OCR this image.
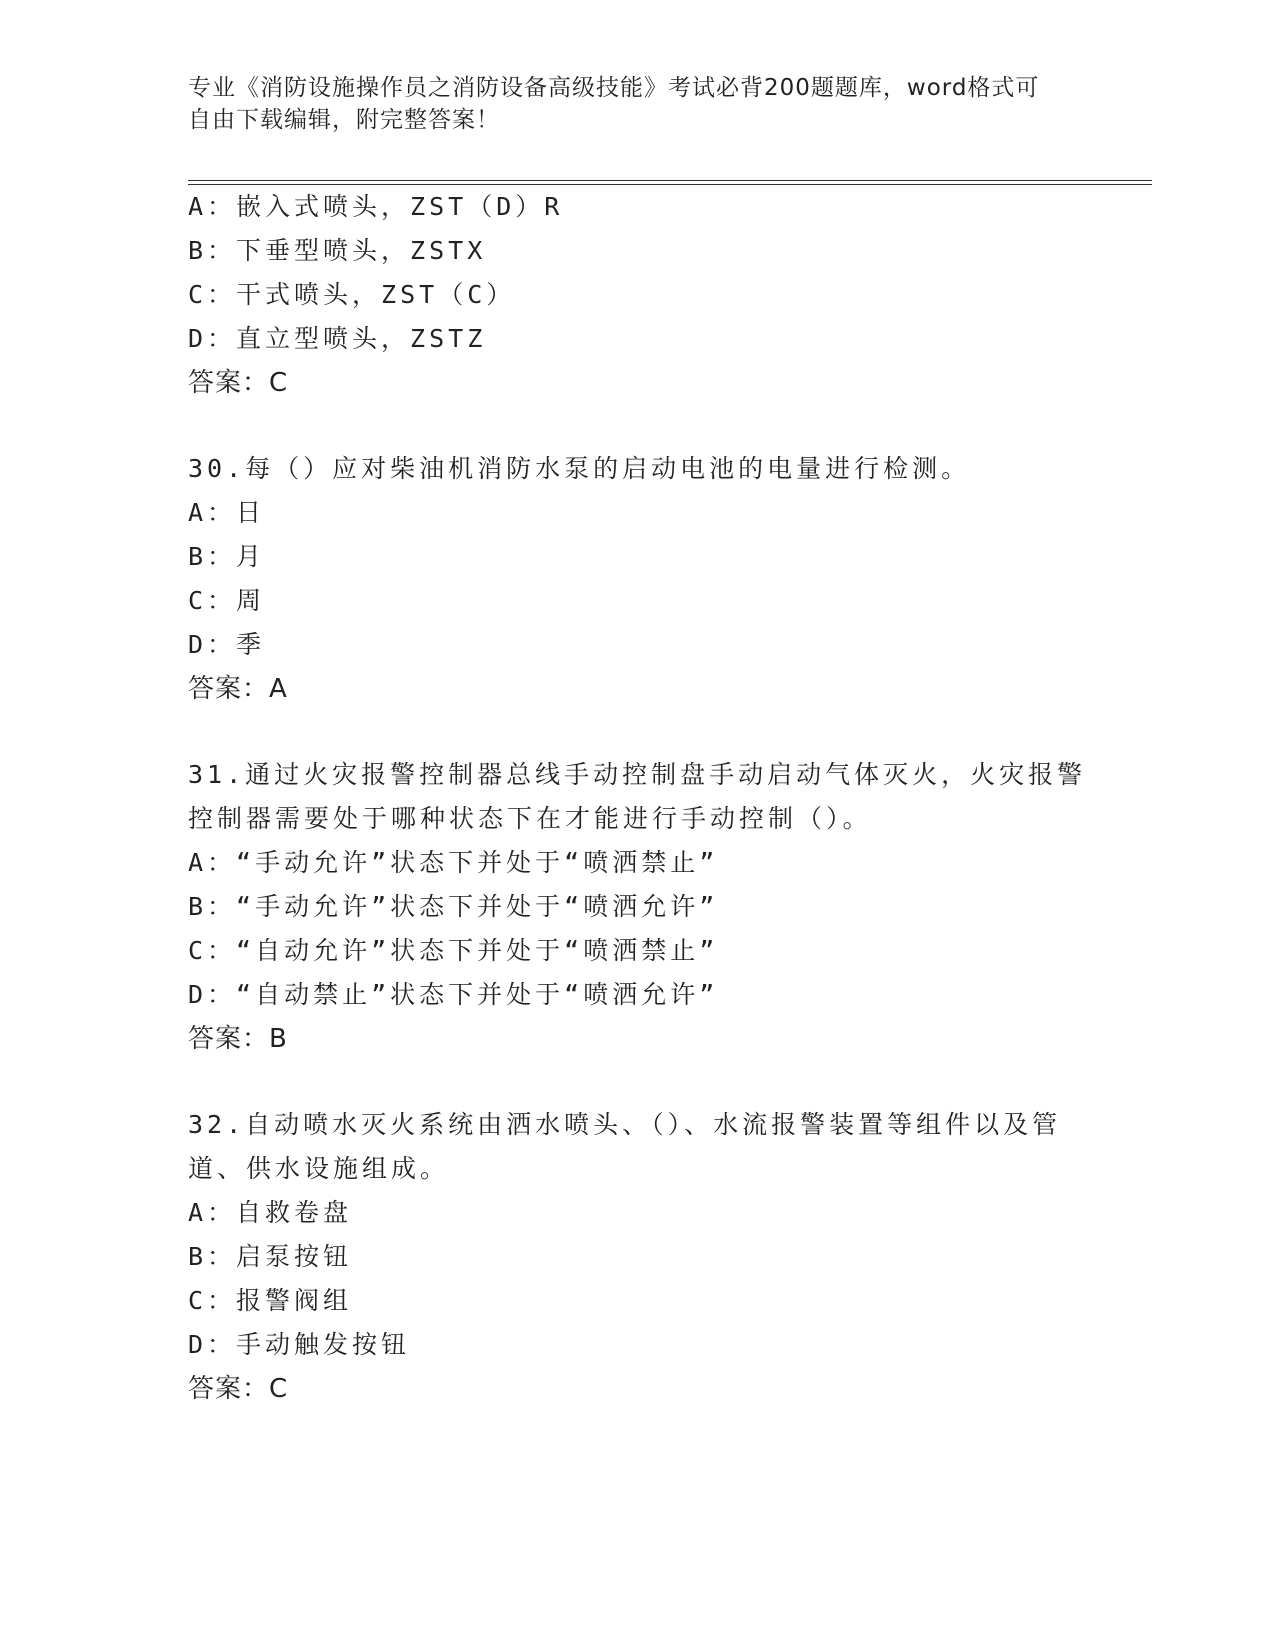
专业《消防设施操作员之消防设备高级技能》考试必背200题题库，word格式可
自由下载编辑，附完整答案！
A：嵌入式喷头，ZST（D）R
B：下垂型喷头，ZSTX
C：干式喷头，ZST（C）
D：直立型喷头，ZSTZ
答案：C
30.每（）应对柴油机消防水泵的启动电池的电量进行检测。
A：日
B：月
C：周
D：季
答案：A
31.通过火灾报警控制器总线手动控制盘手动启动气体灭火，火灾报警
控制器需要处于哪种状态下在才能进行手动控制（）。
A：“手动允许”状态下并处于“喷洒禁止”
B：“手动允许”状态下并处于“喷洒允许”
C：“自动允许”状态下并处于“喷洒禁止”
D：“自动禁止”状态下并处于“喷洒允许”
答案：B
32.自动喷水灭火系统由洒水喷头、（）、水流报警装置等组件以及管
道、供水设施组成。
A：自救卷盘
B：启泵按钮
C：报警阀组
D：手动触发按钮
答案：C
